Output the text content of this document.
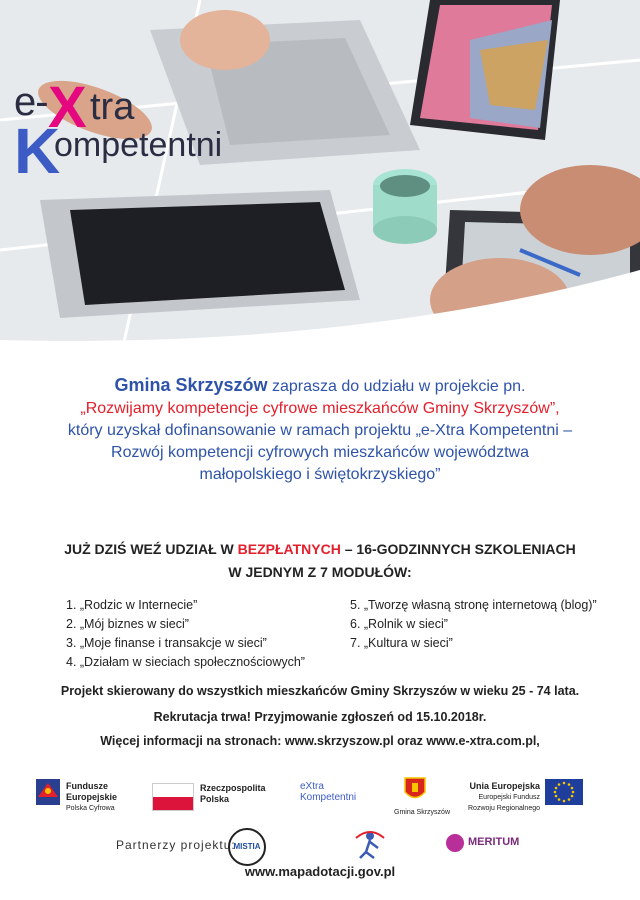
e- X tra
K
ompetentni
Gmina Skrzyszów zaprasza do udziału w projekcie pn.
„Rozwijamy kompetencje cyfrowe mieszkańców Gminy Skrzyszów”,
który uzyskał dofinansowanie w ramach projektu „e-Xtra Kompetentni –
Rozwój kompetencji cyfrowych mieszkańców województwa
małopolskiego i świętokrzyskiego”
JUŻ DZIŚ WEŹ UDZIAŁ W BEZPŁATNYCH – 16-GODZINNYCH SZKOLENIACH
W JEDNYM Z 7 MODUŁÓW:
1. „Rodzic w Internecie”
2. „Mój biznes w sieci”
3. „Moje finanse i transakcje w sieci”
4. „Działam w sieciach społecznościowych”
5. „Tworzę własną stronę internetową (blog)”
6. „Rolnik w sieci”
7. „Kultura w sieci”
Projekt skierowany do wszystkich mieszkańców Gminy Skrzyszów w wieku 25 - 74 lata.
Rekrutacja trwa! Przyjmowanie zgłoszeń od 15.10.2018r.
Więcej informacji na stronach: www.skrzyszow.pl oraz www.e-xtra.com.pl,
Fundusze
Europejskie
Polska Cyfrowa
Rzeczpospolita
Polska
eXtra
Kompetentni
Gmina Skrzyszów
Unia Europejska
Europejski Fundusz
Rozwoju Regionalnego
Partnerzy projektu:
MISTIA	MERITUM
www.mapadotacji.gov.pl
